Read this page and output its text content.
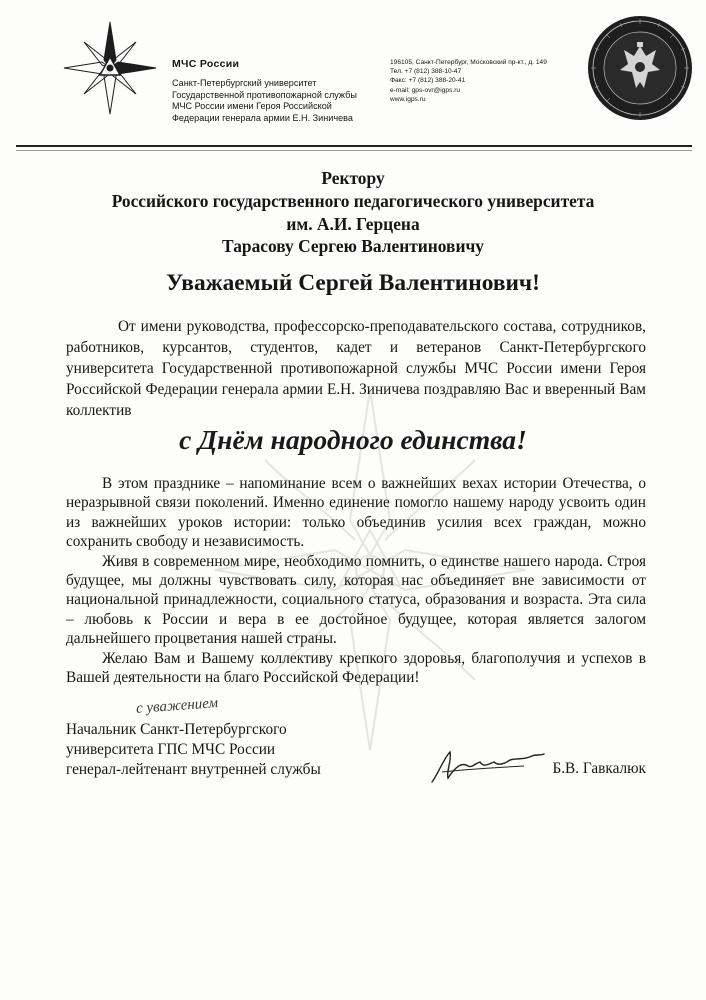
МЧС России
Санкт-Петербургский университет
Государственной противопожарной службы
МЧС России имени Героя Российской
Федерации генерала армии Е.Н. Зиничева
196105, Санкт-Петербург, Московский пр-кт., д. 149
Тел. +7 (812) 388-10-47
Факс: +7 (812) 388-20-41
e-mail: gps-ovr@igps.ru
www.igps.ru
Ректору
Российского государственного педагогического университета
им. А.И. Герцена
Тарасову Сергею Валентиновичу
Уважаемый Сергей Валентинович!

От имени руководства, профессорско-преподавательского состава, сотрудников, работников, курсантов, студентов, кадет и ветеранов Санкт-Петербургского университета Государственной противопожарной службы МЧС России имени Героя Российской Федерации генерала армии Е.Н. Зиничева поздравляю Вас и вверенный Вам коллектив

с Днём народного единства!

В этом празднике – напоминание всем о важнейших вехах истории Отечества, о неразрывной связи поколений. Именно единение помогло нашему народу усвоить один из важнейших уроков истории: только объединив усилия всех граждан, можно сохранить свободу и независимость.

Живя в современном мире, необходимо помнить, о единстве нашего народа. Строя будущее, мы должны чувствовать силу, которая нас объединяет вне зависимости от национальной принадлежности, социального статуса, образования и возраста. Эта сила – любовь к России и вера в ее достойное будущее, которая является залогом дальнейшего процветания нашей страны.

Желаю Вам и Вашему коллективу крепкого здоровья, благополучия и успехов в Вашей деятельности на благо Российской Федерации!

с уважением
Начальник Санкт-Петербургского
университета ГПС МЧС России
генерал-лейтенант внутренней службы	Б.В. Гавкалюк
